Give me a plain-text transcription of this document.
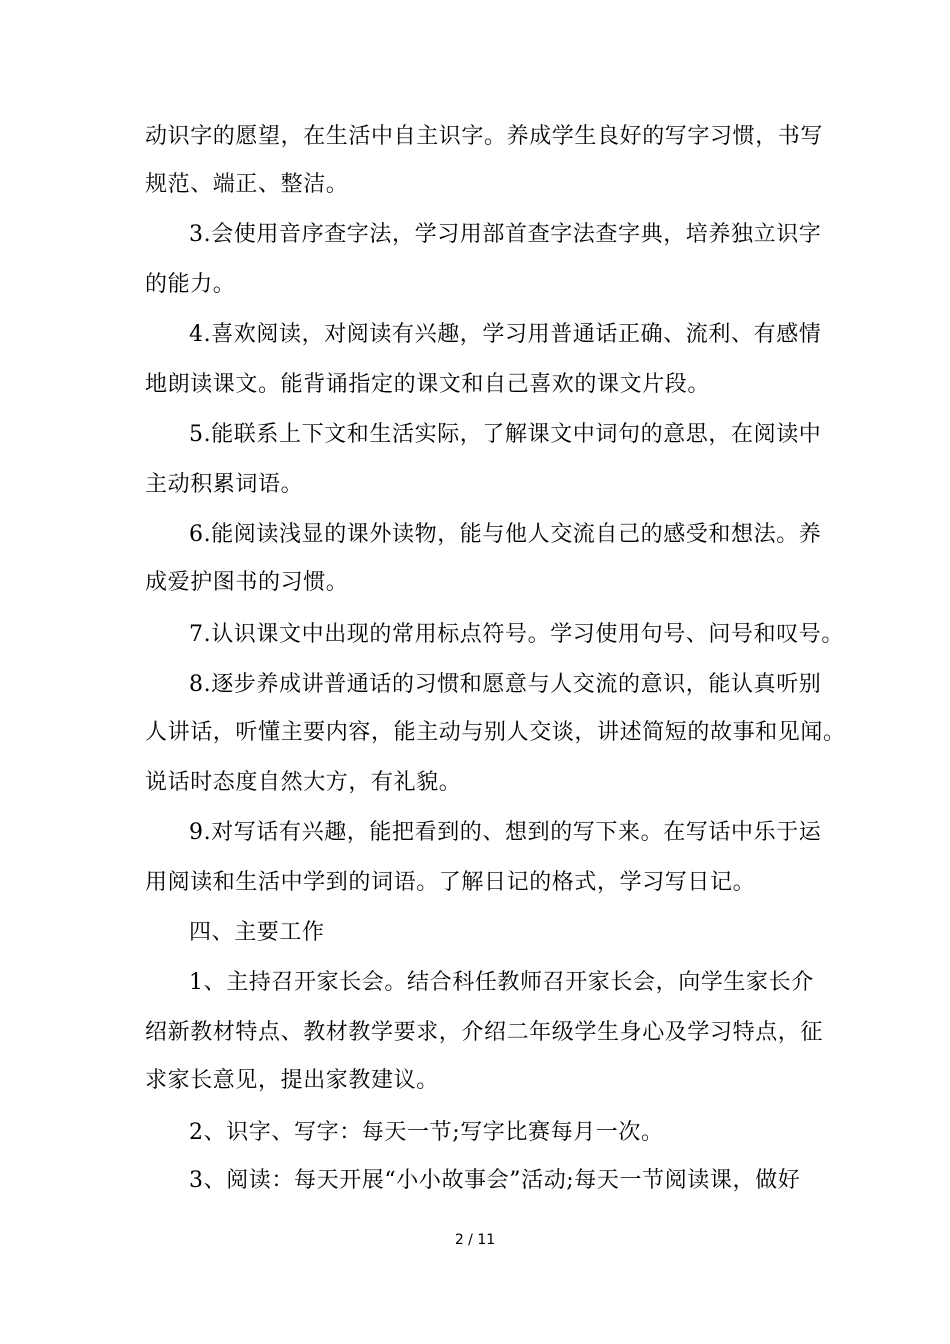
动识字的愿望，在生活中自主识字。养成学生良好的写字习惯，书写
规范、端正、整洁。
3.会使用音序查字法，学习用部首查字法查字典，培养独立识字
的能力。
4.喜欢阅读，对阅读有兴趣，学习用普通话正确、流利、有感情
地朗读课文。能背诵指定的课文和自己喜欢的课文片段。
5.能联系上下文和生活实际，了解课文中词句的意思，在阅读中
主动积累词语。
6.能阅读浅显的课外读物，能与他人交流自己的感受和想法。养
成爱护图书的习惯。
7.认识课文中出现的常用标点符号。学习使用句号、问号和叹号。
8.逐步养成讲普通话的习惯和愿意与人交流的意识，能认真听别
人讲话，听懂主要内容，能主动与别人交谈，讲述简短的故事和见闻。
说话时态度自然大方，有礼貌。
9.对写话有兴趣，能把看到的、想到的写下来。在写话中乐于运
用阅读和生活中学到的词语。了解日记的格式，学习写日记。
四、主要工作
1、主持召开家长会。结合科任教师召开家长会，向学生家长介
绍新教材特点、教材教学要求，介绍二年级学生身心及学习特点，征
求家长意见，提出家教建议。
2、识字、写字：每天一节;写字比赛每月一次。
3、阅读：每天开展“小小故事会”活动;每天一节阅读课，做好
2 / 11
